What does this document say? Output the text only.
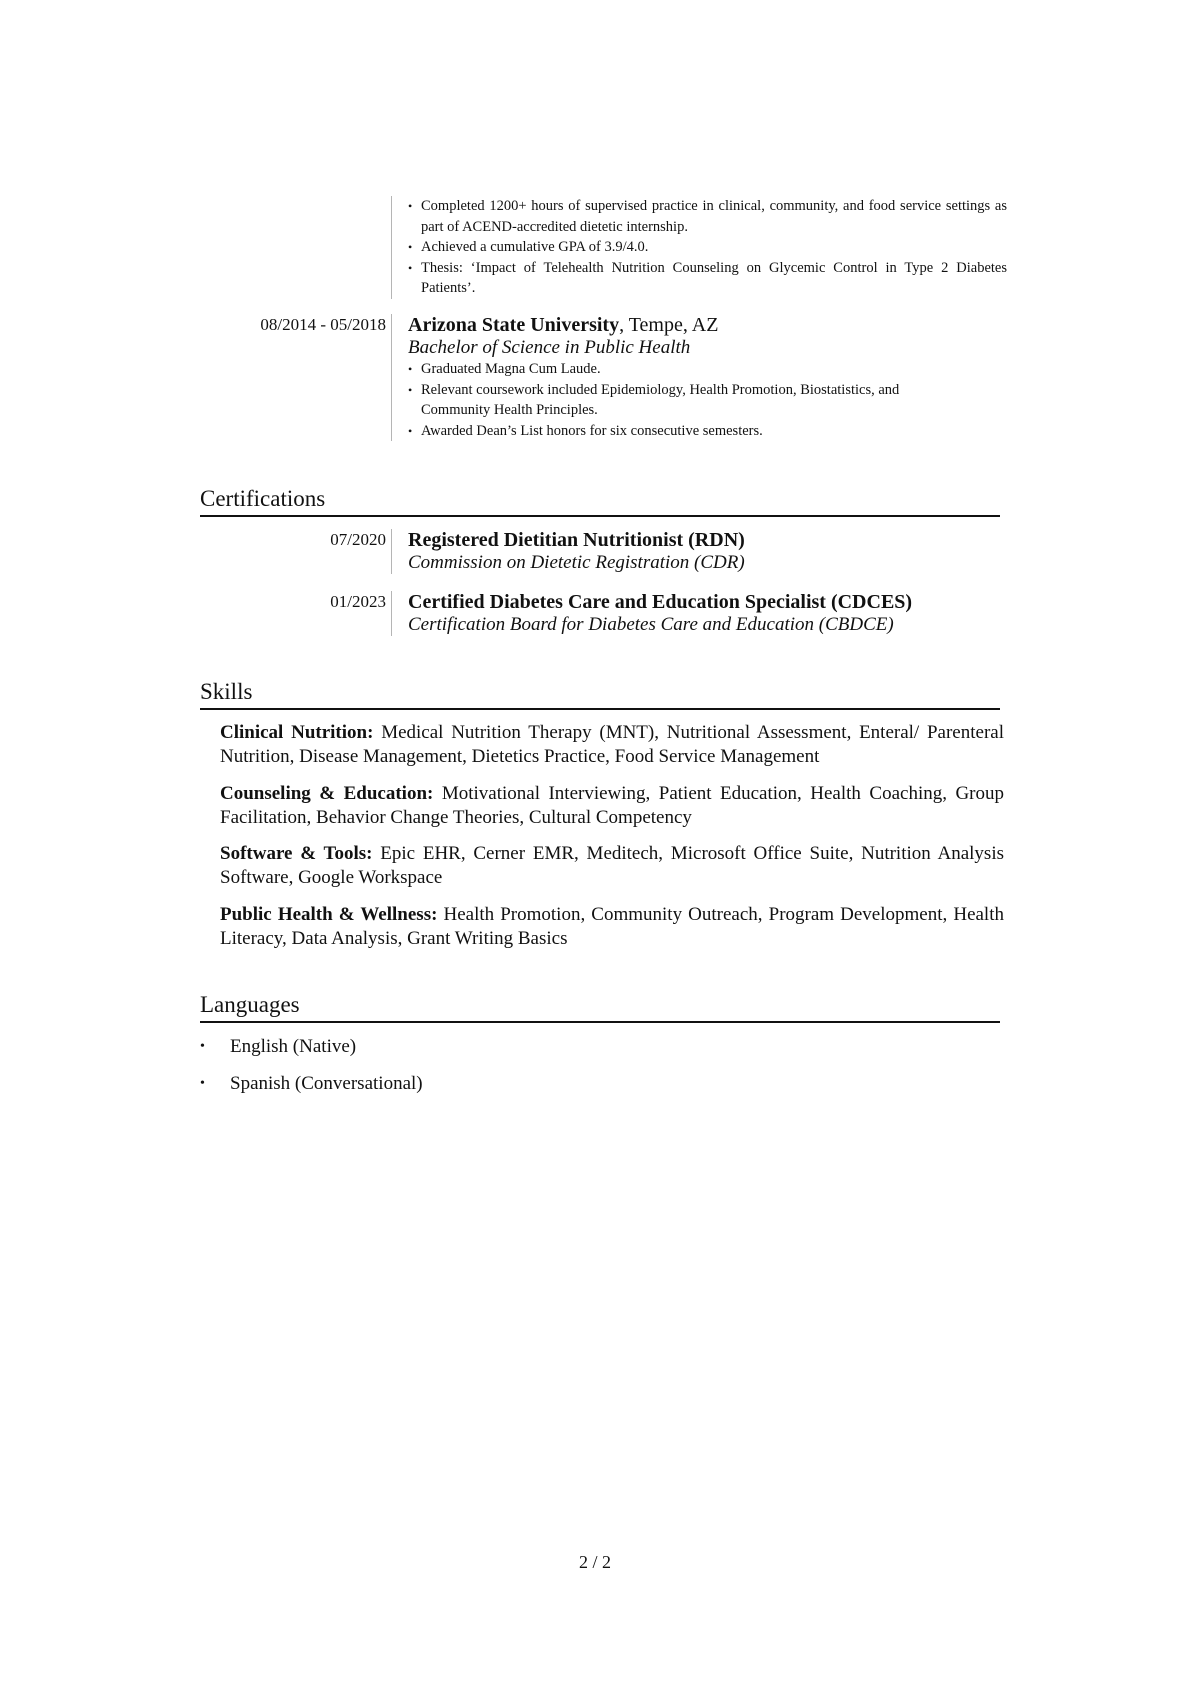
• Completed 1200+ hours of supervised practice in clinical, community, and food service settings as part of ACEND-accredited dietetic internship.
• Achieved a cumulative GPA of 3.9/4.0.
• Thesis: ‘Impact of Telehealth Nutrition Counseling on Glycemic Control in Type 2 Diabetes Patients’.
08/2014 - 05/2018 Arizona State University, Tempe, AZ
Bachelor of Science in Public Health
• Graduated Magna Cum Laude.
• Relevant coursework included Epidemiology, Health Promotion, Biostatistics, and Community Health Principles.
• Awarded Dean’s List honors for six consecutive semesters.
Certifications
07/2020 Registered Dietitian Nutritionist (RDN)
Commission on Dietetic Registration (CDR)
01/2023 Certified Diabetes Care and Education Specialist (CDCES)
Certification Board for Diabetes Care and Education (CBDCE)
Skills
Clinical Nutrition: Medical Nutrition Therapy (MNT), Nutritional Assessment, Enteral/ Parenteral Nutrition, Disease Management, Dietetics Practice, Food Service Management
Counseling & Education: Motivational Interviewing, Patient Education, Health Coaching, Group Facilitation, Behavior Change Theories, Cultural Competency
Software & Tools: Epic EHR, Cerner EMR, Meditech, Microsoft Office Suite, Nutrition Analysis Software, Google Workspace
Public Health & Wellness: Health Promotion, Community Outreach, Program Development, Health Literacy, Data Analysis, Grant Writing Basics
Languages
• English (Native)
• Spanish (Conversational)
2 / 2
